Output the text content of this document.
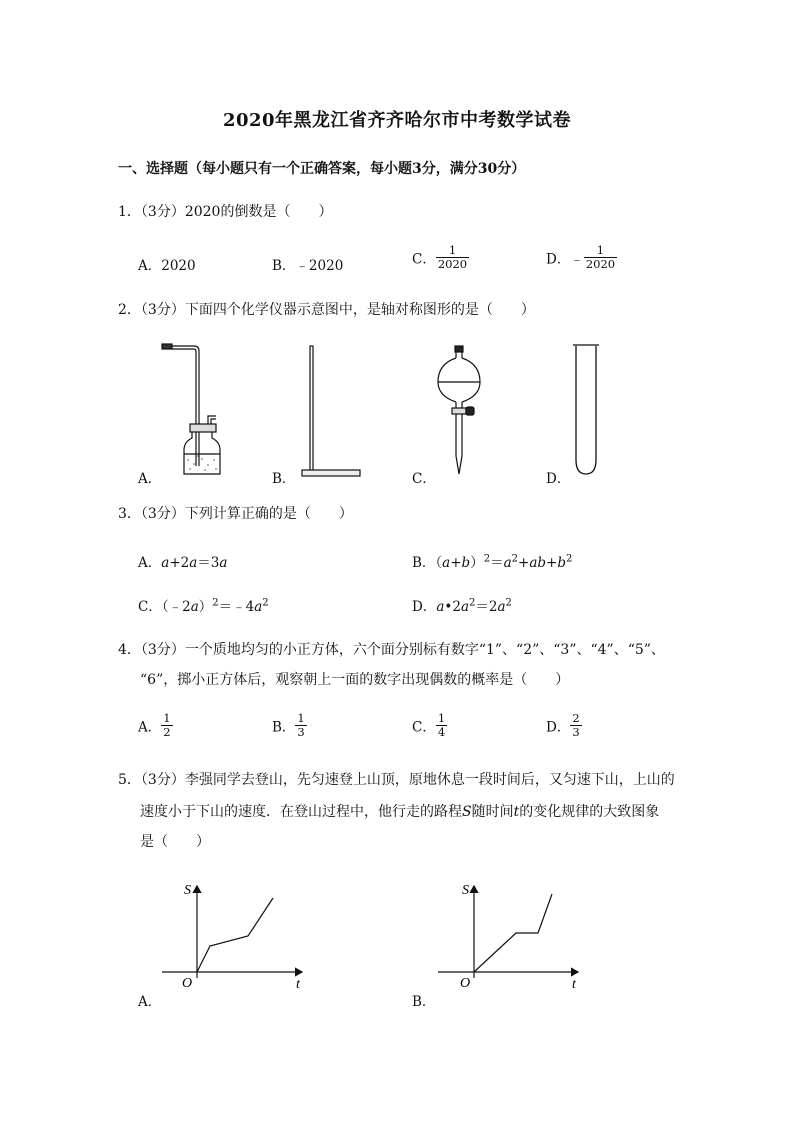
2020年黑龙江省齐齐哈尔市中考数学试卷
一、选择题（每小题只有一个正确答案，每小题3分，满分30分）
1．（3分）2020的倒数是（　　）
A．2020	B．﹣2020	C． $\frac{1}{2020}$	D．﹣ $\frac{1}{2020}$
2．（3分）下面四个化学仪器示意图中，是轴对称图形的是（　　）
A．	B．	C．	D．
3．（3分）下列计算正确的是（　　）
A．a+2a＝3a	B．$(a+b)^2=a^2+ab+b^2$
C．$(﹣2a)^2=﹣4a^2$	D．$a•2a^2=2a^2$
4．（3分）一个质地均匀的小正方体，六个面分别标有数字“1”、“2”、“3”、“4”、“5”、
“6”，掷小正方体后，观察朝上一面的数字出现偶数的概率是（　　）
A． $\frac{1}{2}$	B． $\frac{1}{3}$	C． $\frac{1}{4}$	D． $\frac{2}{3}$
5．（3分）李强同学去登山，先匀速登上山顶，原地休息一段时间后，又匀速下山，上山的
速度小于下山的速度．在登山过程中，他行走的路程S随时间t的变化规律的大致图象
是（　　）
S
O	t
A．
S
O	t
B．
